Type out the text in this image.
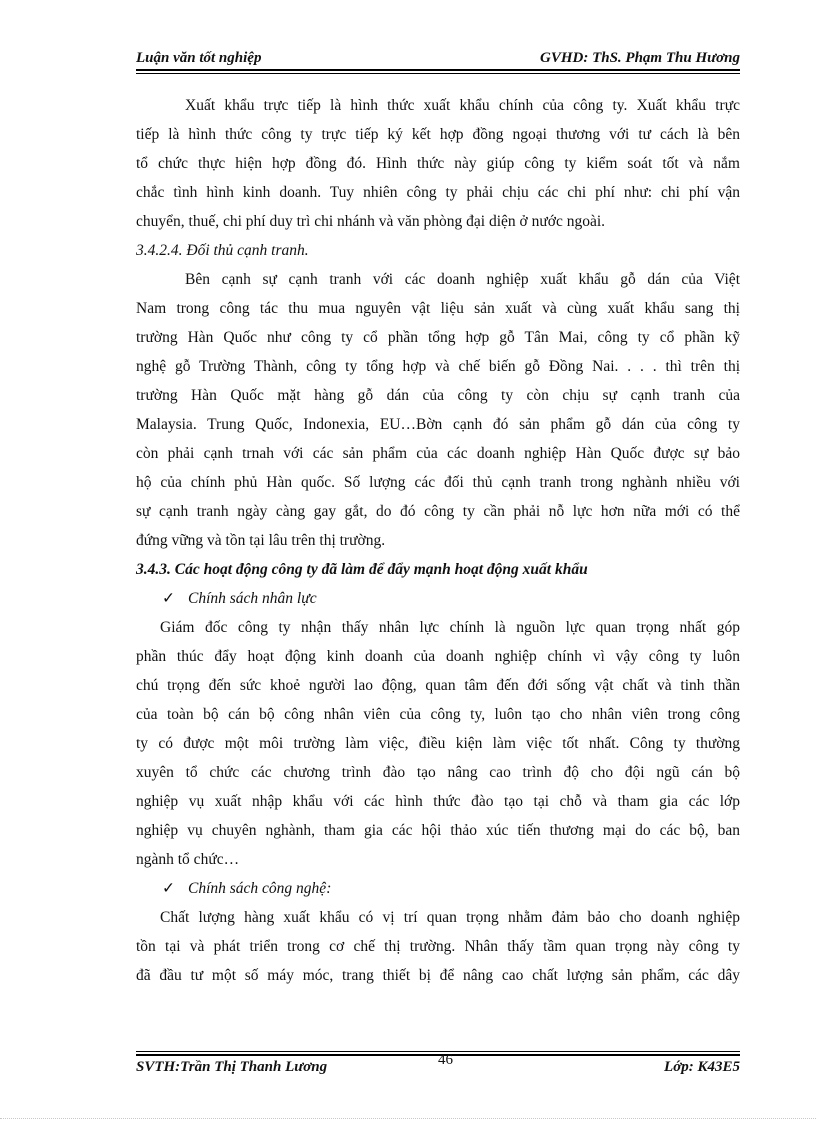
Luận văn tốt nghiệp	GVHD: ThS. Phạm Thu Hương
Xuất khẩu trực tiếp là hình thức xuất khẩu chính của công ty. Xuất khẩu trực
tiếp là hình thức công ty trực tiếp ký kết hợp đồng ngoại thương với tư cách là bên
tổ chức thực hiện hợp đồng đó. Hình thức này giúp công ty kiểm soát tốt và nắm
chắc tình hình kinh doanh. Tuy nhiên công ty phải chịu các chi phí như: chi phí vận
chuyển, thuế, chi phí duy trì chi nhánh và văn phòng đại diện ở nước ngoài.
3.4.2.4. Đối thủ cạnh tranh.
Bên cạnh sự cạnh tranh với các doanh nghiệp xuất khẩu gỗ dán của Việt
Nam trong công tác thu mua nguyên vật liệu sản xuất và cùng xuất khẩu sang thị
trường Hàn Quốc như công ty cổ phần tổng hợp gỗ Tân Mai, công ty cổ phần kỹ
nghệ gỗ Trường Thành, công ty tổng hợp và chế biến gỗ Đồng Nai. . . . thì trên thị
trường Hàn Quốc mặt hàng gỗ dán của công ty còn chịu sự cạnh tranh của
Malaysia. Trung Quốc, Indonexia, EU…Bờn cạnh đó sản phẩm gỗ dán của công ty
còn phải cạnh trnah với các sản phẩm của các doanh nghiệp Hàn Quốc được sự bảo
hộ của chính phủ Hàn quốc. Số lượng các đối thủ cạnh tranh trong nghành nhiều với
sự cạnh tranh ngày càng gay gắt, do đó công ty cần phải nỗ lực hơn nữa mới có thể
đứng vững và tồn tại lâu trên thị trường.
3.4.3. Các hoạt động công ty đã làm để đẩy mạnh hoạt động xuất khẩu
✓ Chính sách nhân lực
Giám đốc công ty nhận thấy nhân lực chính là nguồn lực quan trọng nhất góp
phần thúc đẩy hoạt động kinh doanh của doanh nghiệp chính vì vậy công ty luôn
chú trọng đến sức khoẻ người lao động, quan tâm đến đới sống vật chất và tinh thần
của toàn bộ cán bộ công nhân viên của công ty, luôn tạo cho nhân viên trong công
ty có được một môi trường làm việc, điều kiện làm việc tốt nhất. Công ty thường
xuyên tổ chức các chương trình đào tạo nâng cao trình độ cho đội ngũ cán bộ
nghiệp vụ xuất nhập khẩu với các hình thức đào tạo tại chỗ và tham gia các lớp
nghiệp vụ chuyên nghành, tham gia các hội thảo xúc tiến thương mại do các bộ, ban
ngành tổ chức…
✓ Chính sách công nghệ:
Chất lượng hàng xuất khẩu có vị trí quan trọng nhằm đảm bảo cho doanh nghiệp
tồn tại và phát triển trong cơ chế thị trường. Nhân thấy tầm quan trọng này công ty
đã đầu tư một số máy móc, trang thiết bị để nâng cao chất lượng sản phẩm, các dây
46
SVTH:Trần Thị Thanh Lương	Lớp: K43E5
